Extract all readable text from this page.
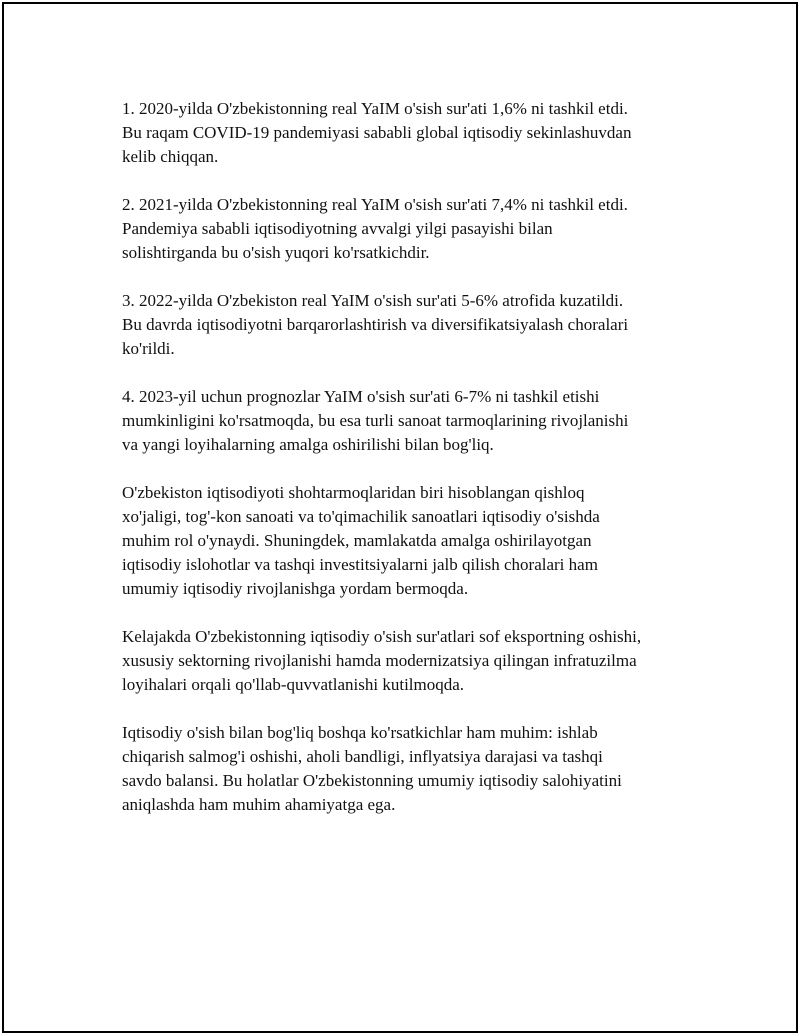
1. 2020-yilda O'zbekistonning real YaIM o'sish sur'ati 1,6% ni tashkil etdi.
Bu raqam COVID-19 pandemiyasi sababli global iqtisodiy sekinlashuvdan
kelib chiqqan.

2. 2021-yilda O'zbekistonning real YaIM o'sish sur'ati 7,4% ni tashkil etdi.
Pandemiya sababli iqtisodiyotning avvalgi yilgi pasayishi bilan
solishtirganda bu o'sish yuqori ko'rsatkichdir.

3. 2022-yilda O'zbekiston real YaIM o'sish sur'ati 5-6% atrofida kuzatildi.
Bu davrda iqtisodiyotni barqarorlashtirish va diversifikatsiyalash choralari
ko'rildi.

4. 2023-yil uchun prognozlar YaIM o'sish sur'ati 6-7% ni tashkil etishi
mumkinligini ko'rsatmoqda, bu esa turli sanoat tarmoqlarining rivojlanishi
va yangi loyihalarning amalga oshirilishi bilan bog'liq.

O'zbekiston iqtisodiyoti shohtarmoqlaridan biri hisoblangan qishloq
xo'jaligi, tog'-kon sanoati va to'qimachilik sanoatlari iqtisodiy o'sishda
muhim rol o'ynaydi. Shuningdek, mamlakatda amalga oshirilayotgan
iqtisodiy islohotlar va tashqi investitsiyalarni jalb qilish choralari ham
umumiy iqtisodiy rivojlanishga yordam bermoqda.

Kelajakda O'zbekistonning iqtisodiy o'sish sur'atlari sof eksportning oshishi,
xususiy sektorning rivojlanishi hamda modernizatsiya qilingan infratuzilma
loyihalari orqali qo'llab-quvvatlanishi kutilmoqda.

Iqtisodiy o'sish bilan bog'liq boshqa ko'rsatkichlar ham muhim: ishlab
chiqarish salmog'i oshishi, aholi bandligi, inflyatsiya darajasi va tashqi
savdo balansi. Bu holatlar O'zbekistonning umumiy iqtisodiy salohiyatini
aniqlashda ham muhim ahamiyatga ega.
